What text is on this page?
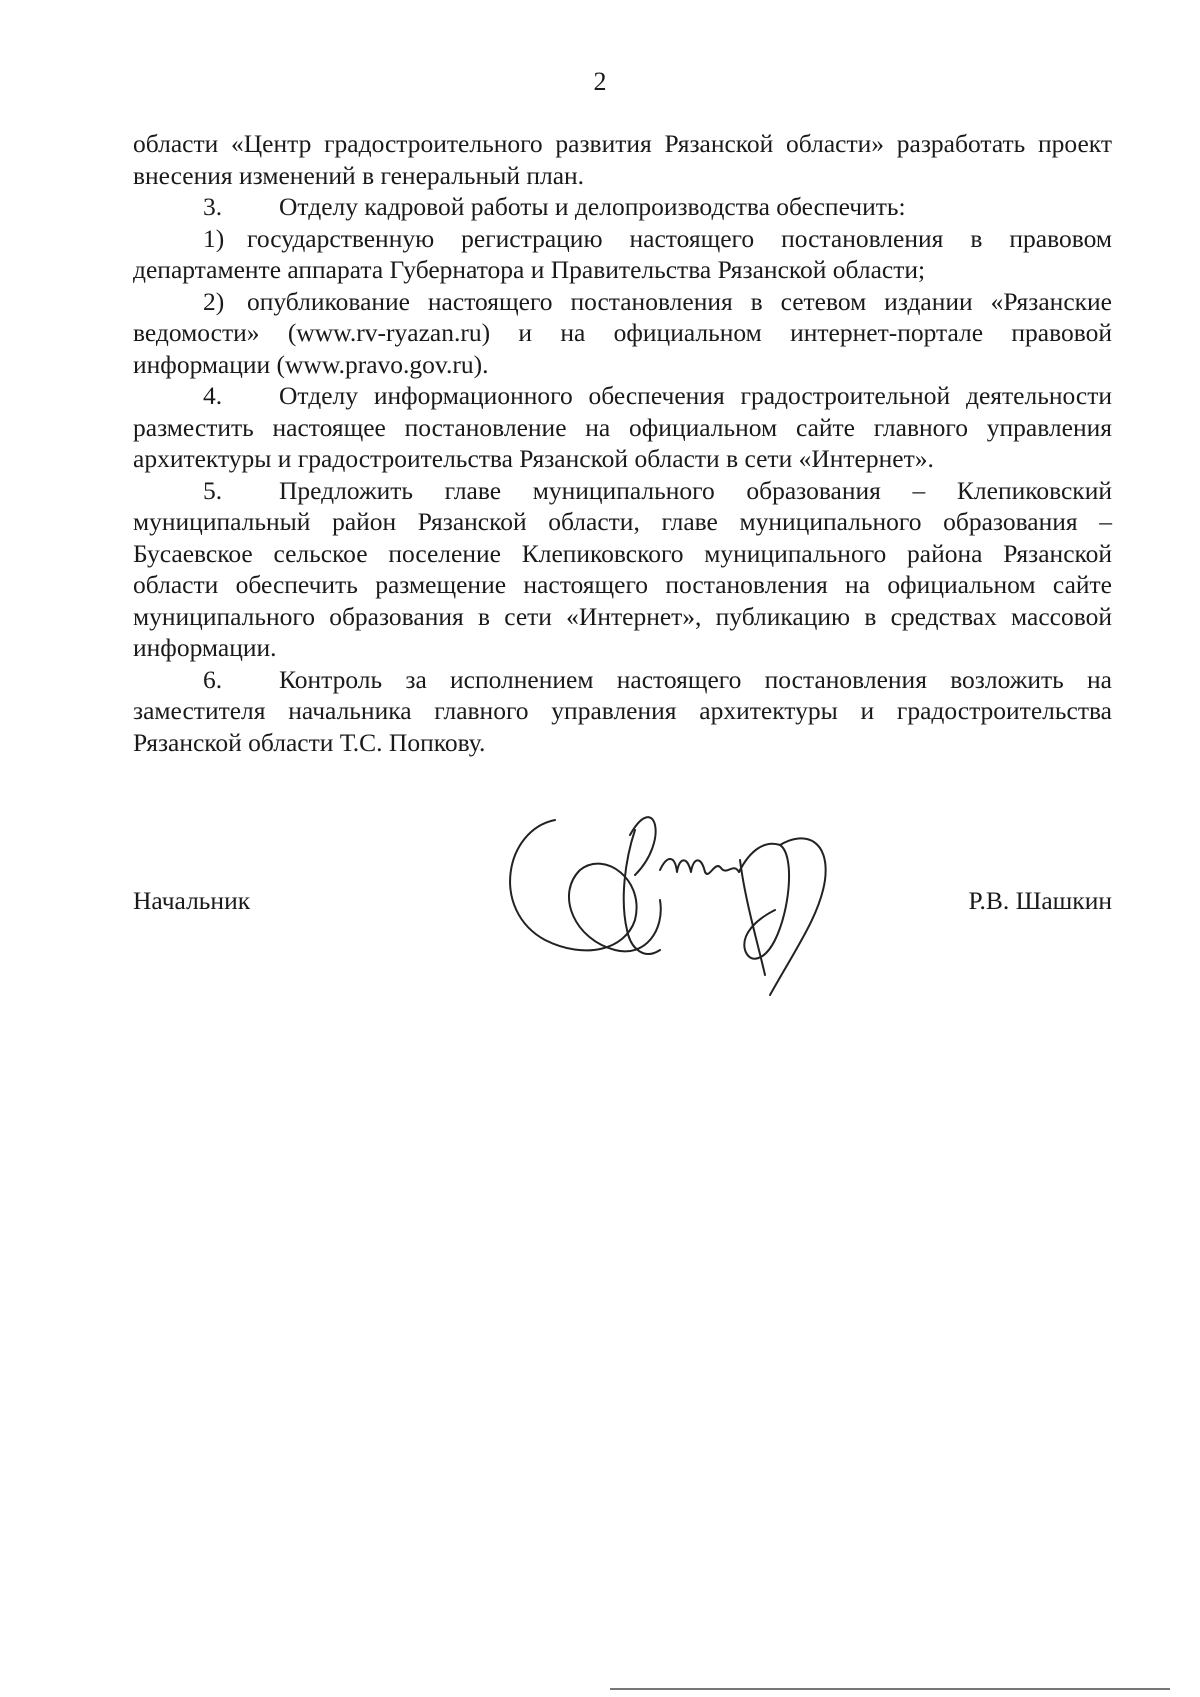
2

области «Центр градостроительного развития Рязанской области» разработать проект внесения изменений в генеральный план.

3. Отделу кадровой работы и делопроизводства обеспечить:

1) государственную регистрацию настоящего постановления в правовом департаменте аппарата Губернатора и Правительства Рязанской области;

2) опубликование настоящего постановления в сетевом издании «Рязанские ведомости» (www.rv-ryazan.ru) и на официальном интернет-портале правовой информации (www.pravo.gov.ru).

4. Отделу информационного обеспечения градостроительной деятельности разместить настоящее постановление на официальном сайте главного управления архитектуры и градостроительства Рязанской области в сети «Интернет».

5. Предложить главе муниципального образования – Клепиковский муниципальный район Рязанской области, главе муниципального образования – Бусаевское сельское поселение Клепиковского муниципального района Рязанской области обеспечить размещение настоящего постановления на официальном сайте муниципального образования в сети «Интернет», публикацию в средствах массовой информации.

6. Контроль за исполнением настоящего постановления возложить на заместителя начальника главного управления архитектуры и градостроительства Рязанской области Т.С. Попкову.

Начальник	Р.В. Шашкин
